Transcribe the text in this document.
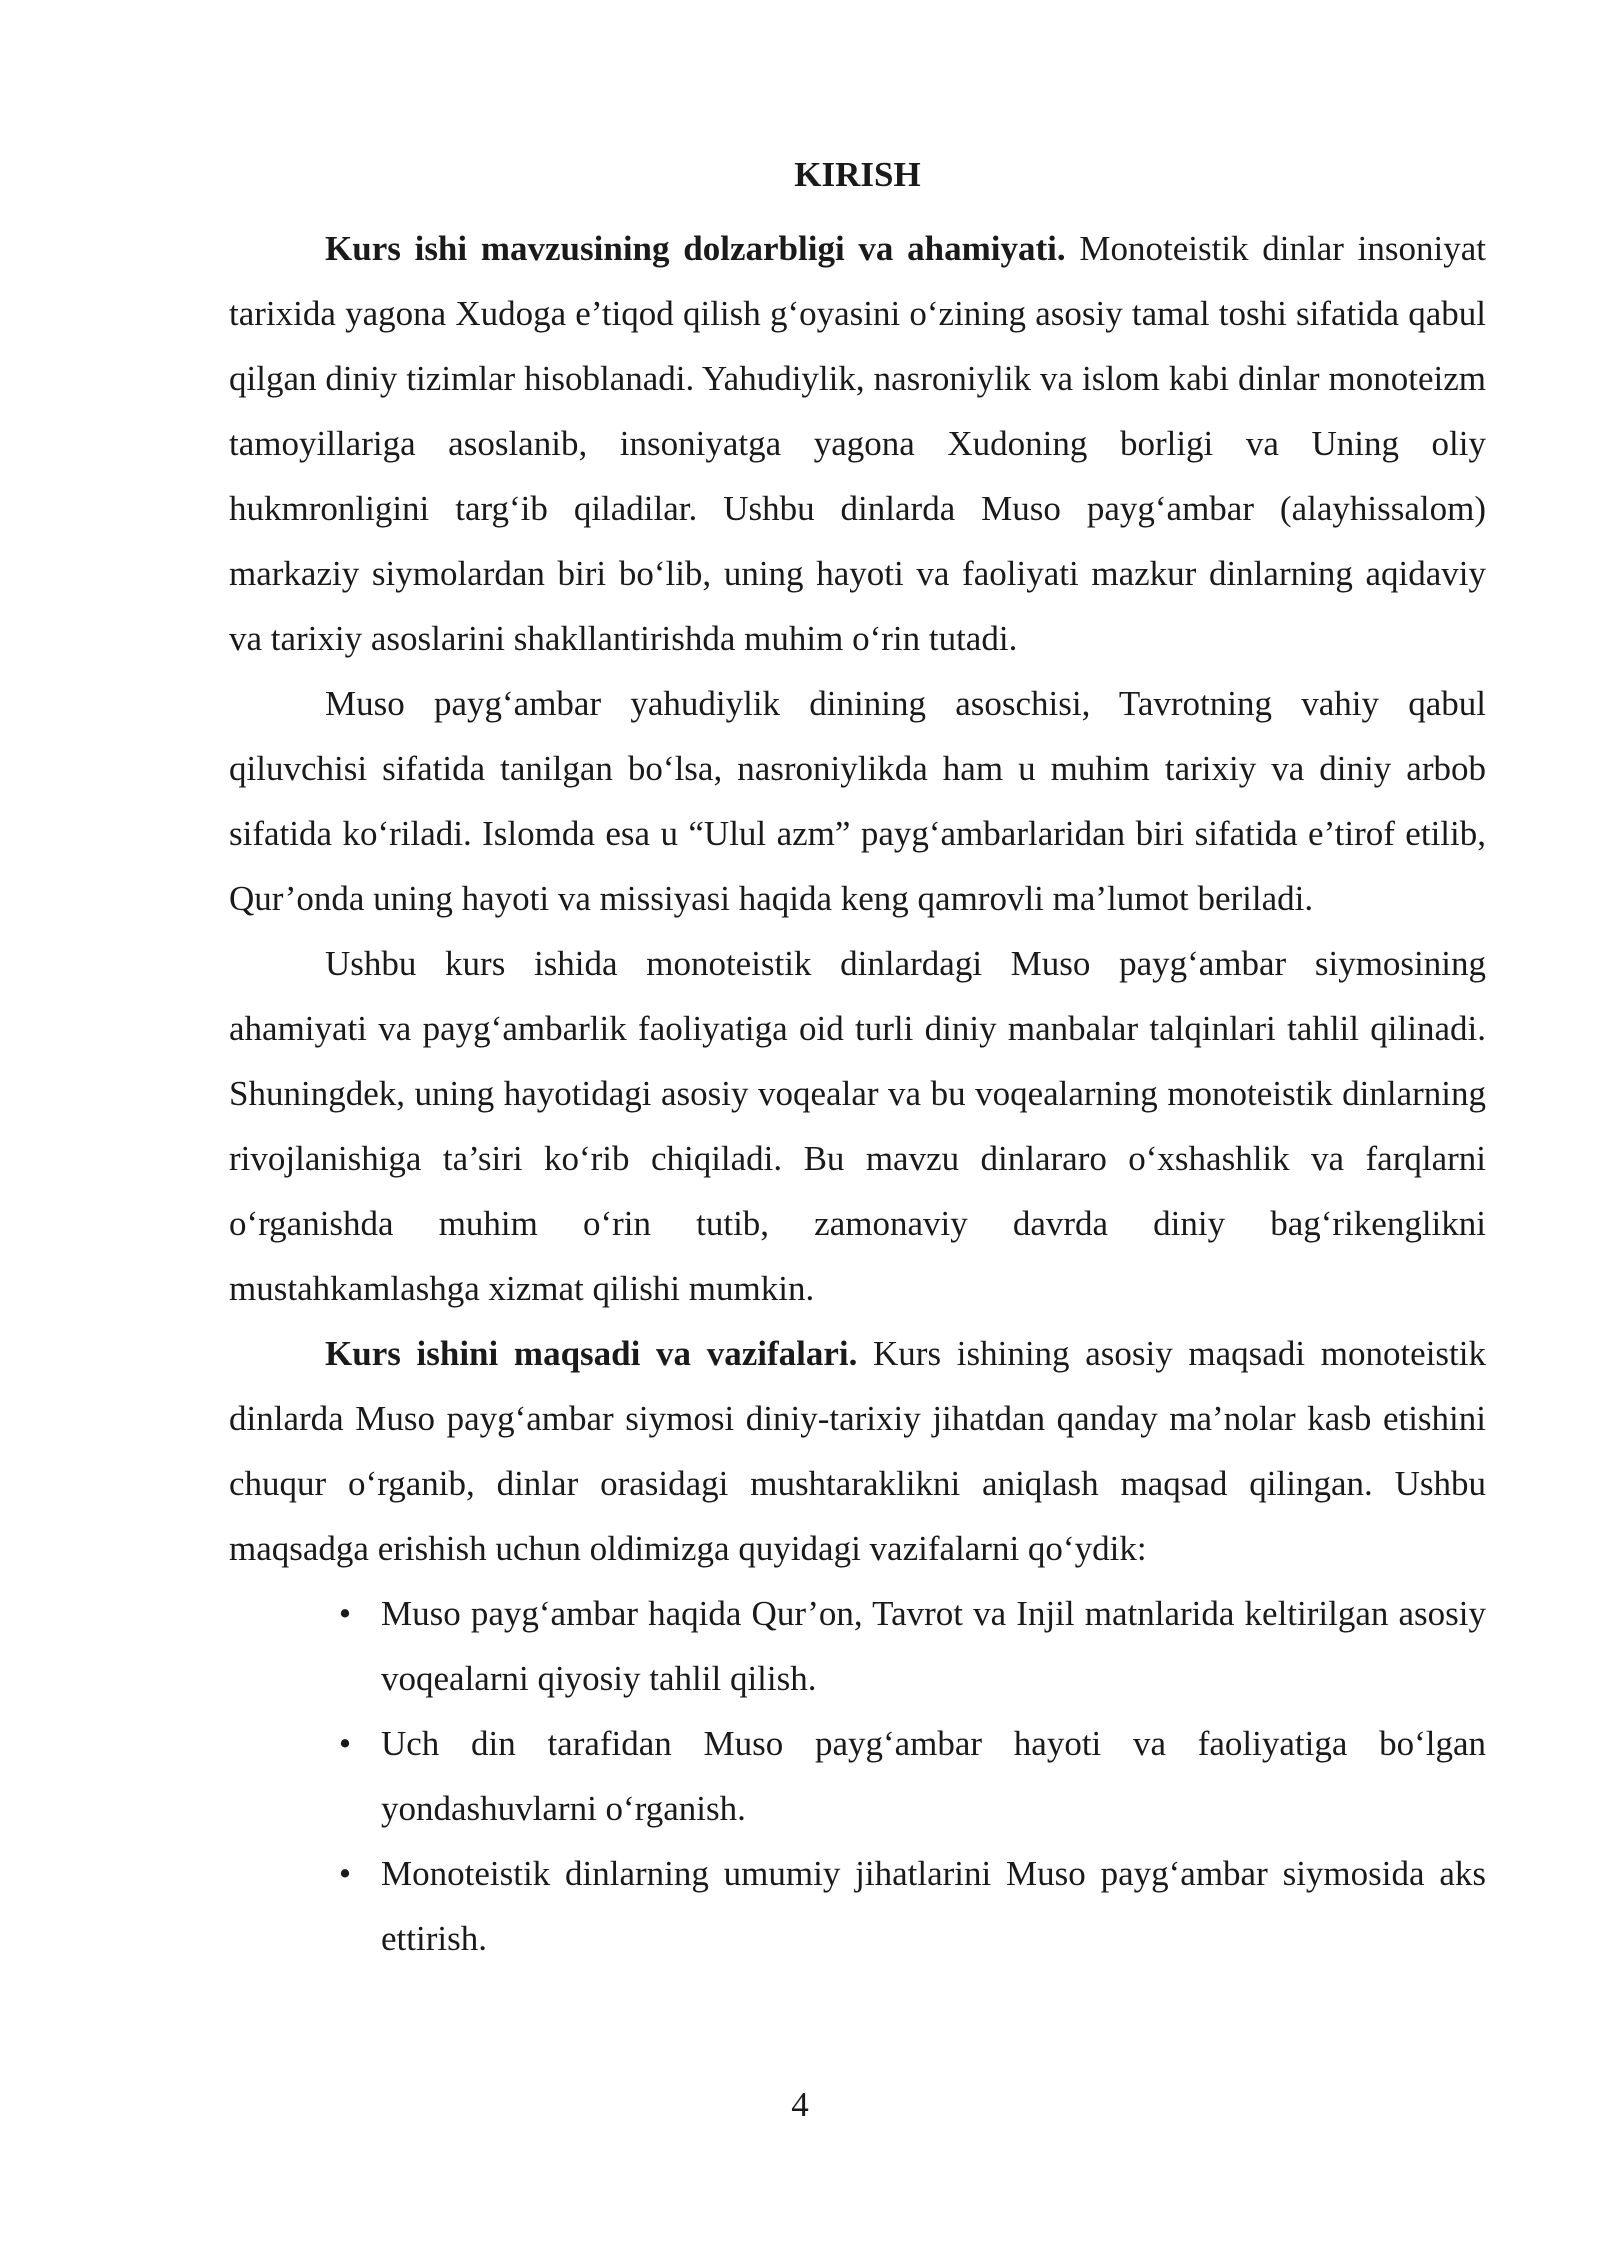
KIRISH

Kurs ishi mavzusining dolzarbligi va ahamiyati. Monoteistik dinlar insoniyat tarixida yagona Xudoga e’tiqod qilish g‘oyasini o‘zining asosiy tamal toshi sifatida qabul qilgan diniy tizimlar hisoblanadi. Yahudiylik, nasroniylik va islom kabi dinlar monoteizm tamoyillariga asoslanib, insoniyatga yagona Xudoning borligi va Uning oliy hukmronligini targ‘ib qiladilar. Ushbu dinlarda Muso payg‘ambar (alayhissalom) markaziy siymolardan biri bo‘lib, uning hayoti va faoliyati mazkur dinlarning aqidaviy va tarixiy asoslarini shakllantirishda muhim o‘rin tutadi.

Muso payg‘ambar yahudiylik dinining asoschisi, Tavrotning vahiy qabul qiluvchisi sifatida tanilgan bo‘lsa, nasroniylikda ham u muhim tarixiy va diniy arbob sifatida ko‘riladi. Islomda esa u “Ulul azm” payg‘ambarlaridan biri sifatida e’tirof etilib, Qur’onda uning hayoti va missiyasi haqida keng qamrovli ma’lumot beriladi.

Ushbu kurs ishida monoteistik dinlardagi Muso payg‘ambar siymosining ahamiyati va payg‘ambarlik faoliyatiga oid turli diniy manbalar talqinlari tahlil qilinadi. Shuningdek, uning hayotidagi asosiy voqealar va bu voqealarning monoteistik dinlarning rivojlanishiga ta’siri ko‘rib chiqiladi. Bu mavzu dinlararo o‘xshashlik va farqlarni o‘rganishda muhim o‘rin tutib, zamonaviy davrda diniy bag‘rikenglikni mustahkamlashga xizmat qilishi mumkin.

Kurs ishini maqsadi va vazifalari. Kurs ishining asosiy maqsadi monoteistik dinlarda Muso payg‘ambar siymosi diniy-tarixiy jihatdan qanday ma’nolar kasb etishini chuqur o‘rganib, dinlar orasidagi mushtaraklikni aniqlash maqsad qilingan. Ushbu maqsadga erishish uchun oldimizga quyidagi vazifalarni qo‘ydik:

• Muso payg‘ambar haqida Qur’on, Tavrot va Injil matnlarida keltirilgan asosiy voqealarni qiyosiy tahlil qilish.
• Uch din tarafidan Muso payg‘ambar hayoti va faoliyatiga bo‘lgan yondashuvlarni o‘rganish.
• Monoteistik dinlarning umumiy jihatlarini Muso payg‘ambar siymosida aks ettirish.
4
